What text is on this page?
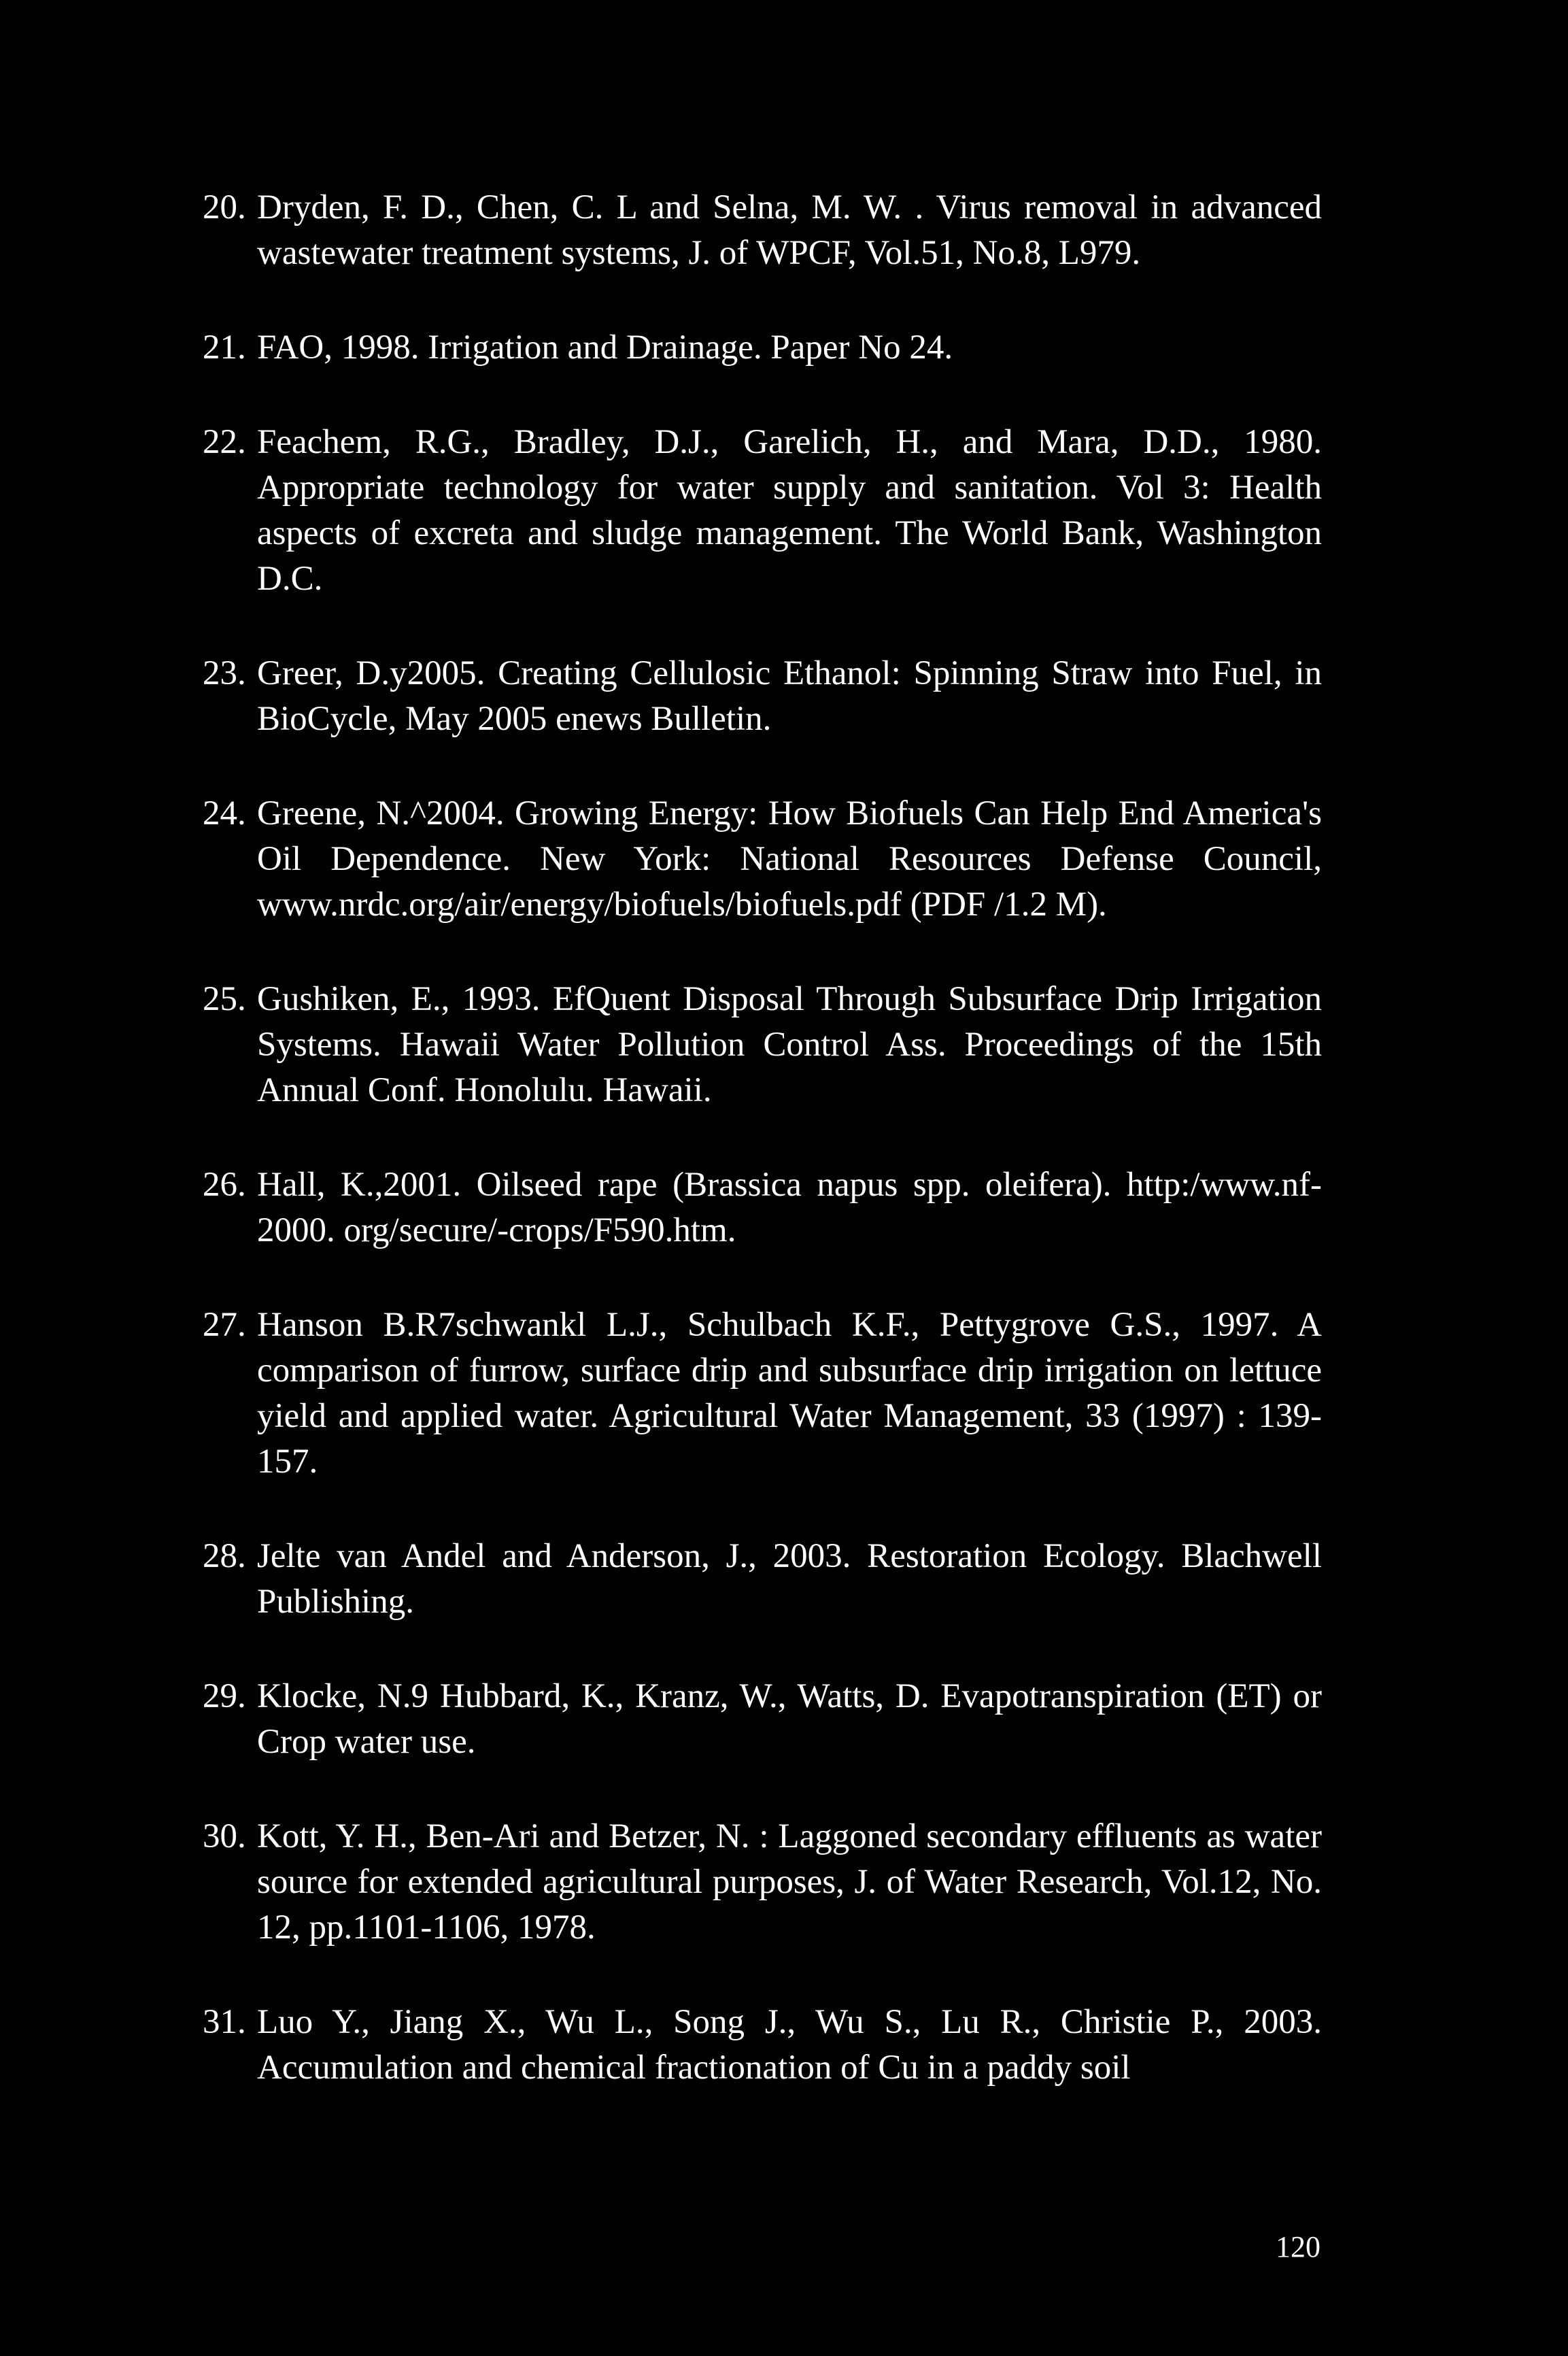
20. Dryden, F. D., Chen, C. L and Selna, M. W. . Virus removal in advanced wastewater treatment systems, J. of WPCF, Vol.51, No.8, L979.
21. FAO, 1998. Irrigation and Drainage. Paper No 24.
22. Feachem, R.G., Bradley, D.J., Garelich, H., and Mara, D.D., 1980. Appropriate technology for water supply and sanitation. Vol 3: Health aspects of excreta and sludge management. The World Bank, Washington D.C.
23. Greer, D.y2005. Creating Cellulosic Ethanol: Spinning Straw into Fuel, in BioCycle, May 2005 enews Bulletin.
24. Greene, N.^2004. Growing Energy: How Biofuels Can Help End America's Oil Dependence. New York: National Resources Defense Council, www.nrdc.org/air/energy/biofuels/biofuels.pdf (PDF /1.2 M).
25. Gushiken, E., 1993. EfQuent Disposal Through Subsurface Drip Irrigation Systems. Hawaii Water Pollution Control Ass. Proceedings of the 15th Annual Conf. Honolulu. Hawaii.
26. Hall, K.,2001. Oilseed rape (Brassica napus spp. oleifera). http:/www.nf-2000. org/secure/-crops/F590.htm.
27. Hanson B.R7schwankl L.J., Schulbach K.F., Pettygrove G.S., 1997. A comparison of furrow, surface drip and subsurface drip irrigation on lettuce yield and applied water. Agricultural Water Management, 33 (1997) : 139-157.
28. Jelte van Andel and Anderson, J., 2003. Restoration Ecology. Blachwell Publishing.
29. Klocke, N.9 Hubbard, K., Kranz, W., Watts, D. Evapotranspiration (ET) or Crop water use.
30. Kott, Y. H., Ben-Ari and Betzer, N. : Laggoned secondary effluents as water source for extended agricultural purposes, J. of Water Research, Vol.12, No. 12, pp.1101-1106, 1978.
31. Luo Y., Jiang X., Wu L., Song J., Wu S., Lu R., Christie P., 2003. Accumulation and chemical fractionation of Cu in a paddy soil
120
